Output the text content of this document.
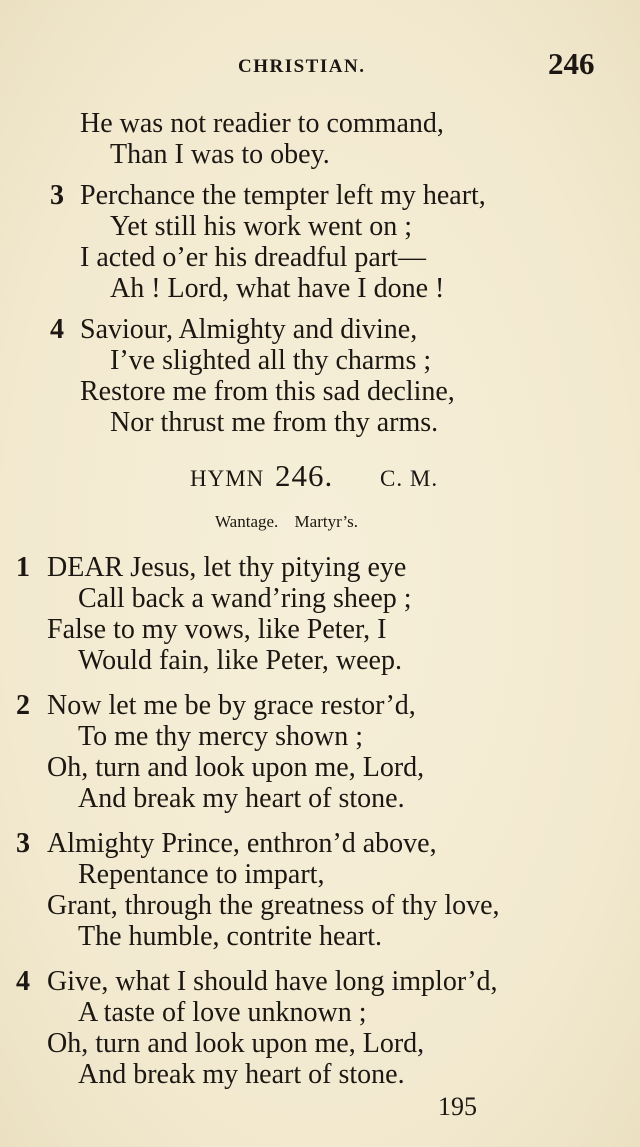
CHRISTIAN.	246
He was not readier to command,
Than I was to obey.
3 Perchance the tempter left my heart,
Yet still his work went on ;
I acted o’er his dreadful part—
Ah ! Lord, what have I done !
4 Saviour, Almighty and divine,
I’ve slighted all thy charms ;
Restore me from this sad decline,
Nor thrust me from thy arms.
HYMN 246. C. M.
Wantage. Martyr’s.
1 DEAR Jesus, let thy pitying eye
Call back a wand’ring sheep ;
False to my vows, like Peter, I
Would fain, like Peter, weep.
2 Now let me be by grace restor’d,
To me thy mercy shown ;
Oh, turn and look upon me, Lord,
And break my heart of stone.
3 Almighty Prince, enthron’d above,
Repentance to impart,
Grant, through the greatness of thy love,
The humble, contrite heart.
4 Give, what I should have long implor’d,
A taste of love unknown ;
Oh, turn and look upon me, Lord,
And break my heart of stone.
195
